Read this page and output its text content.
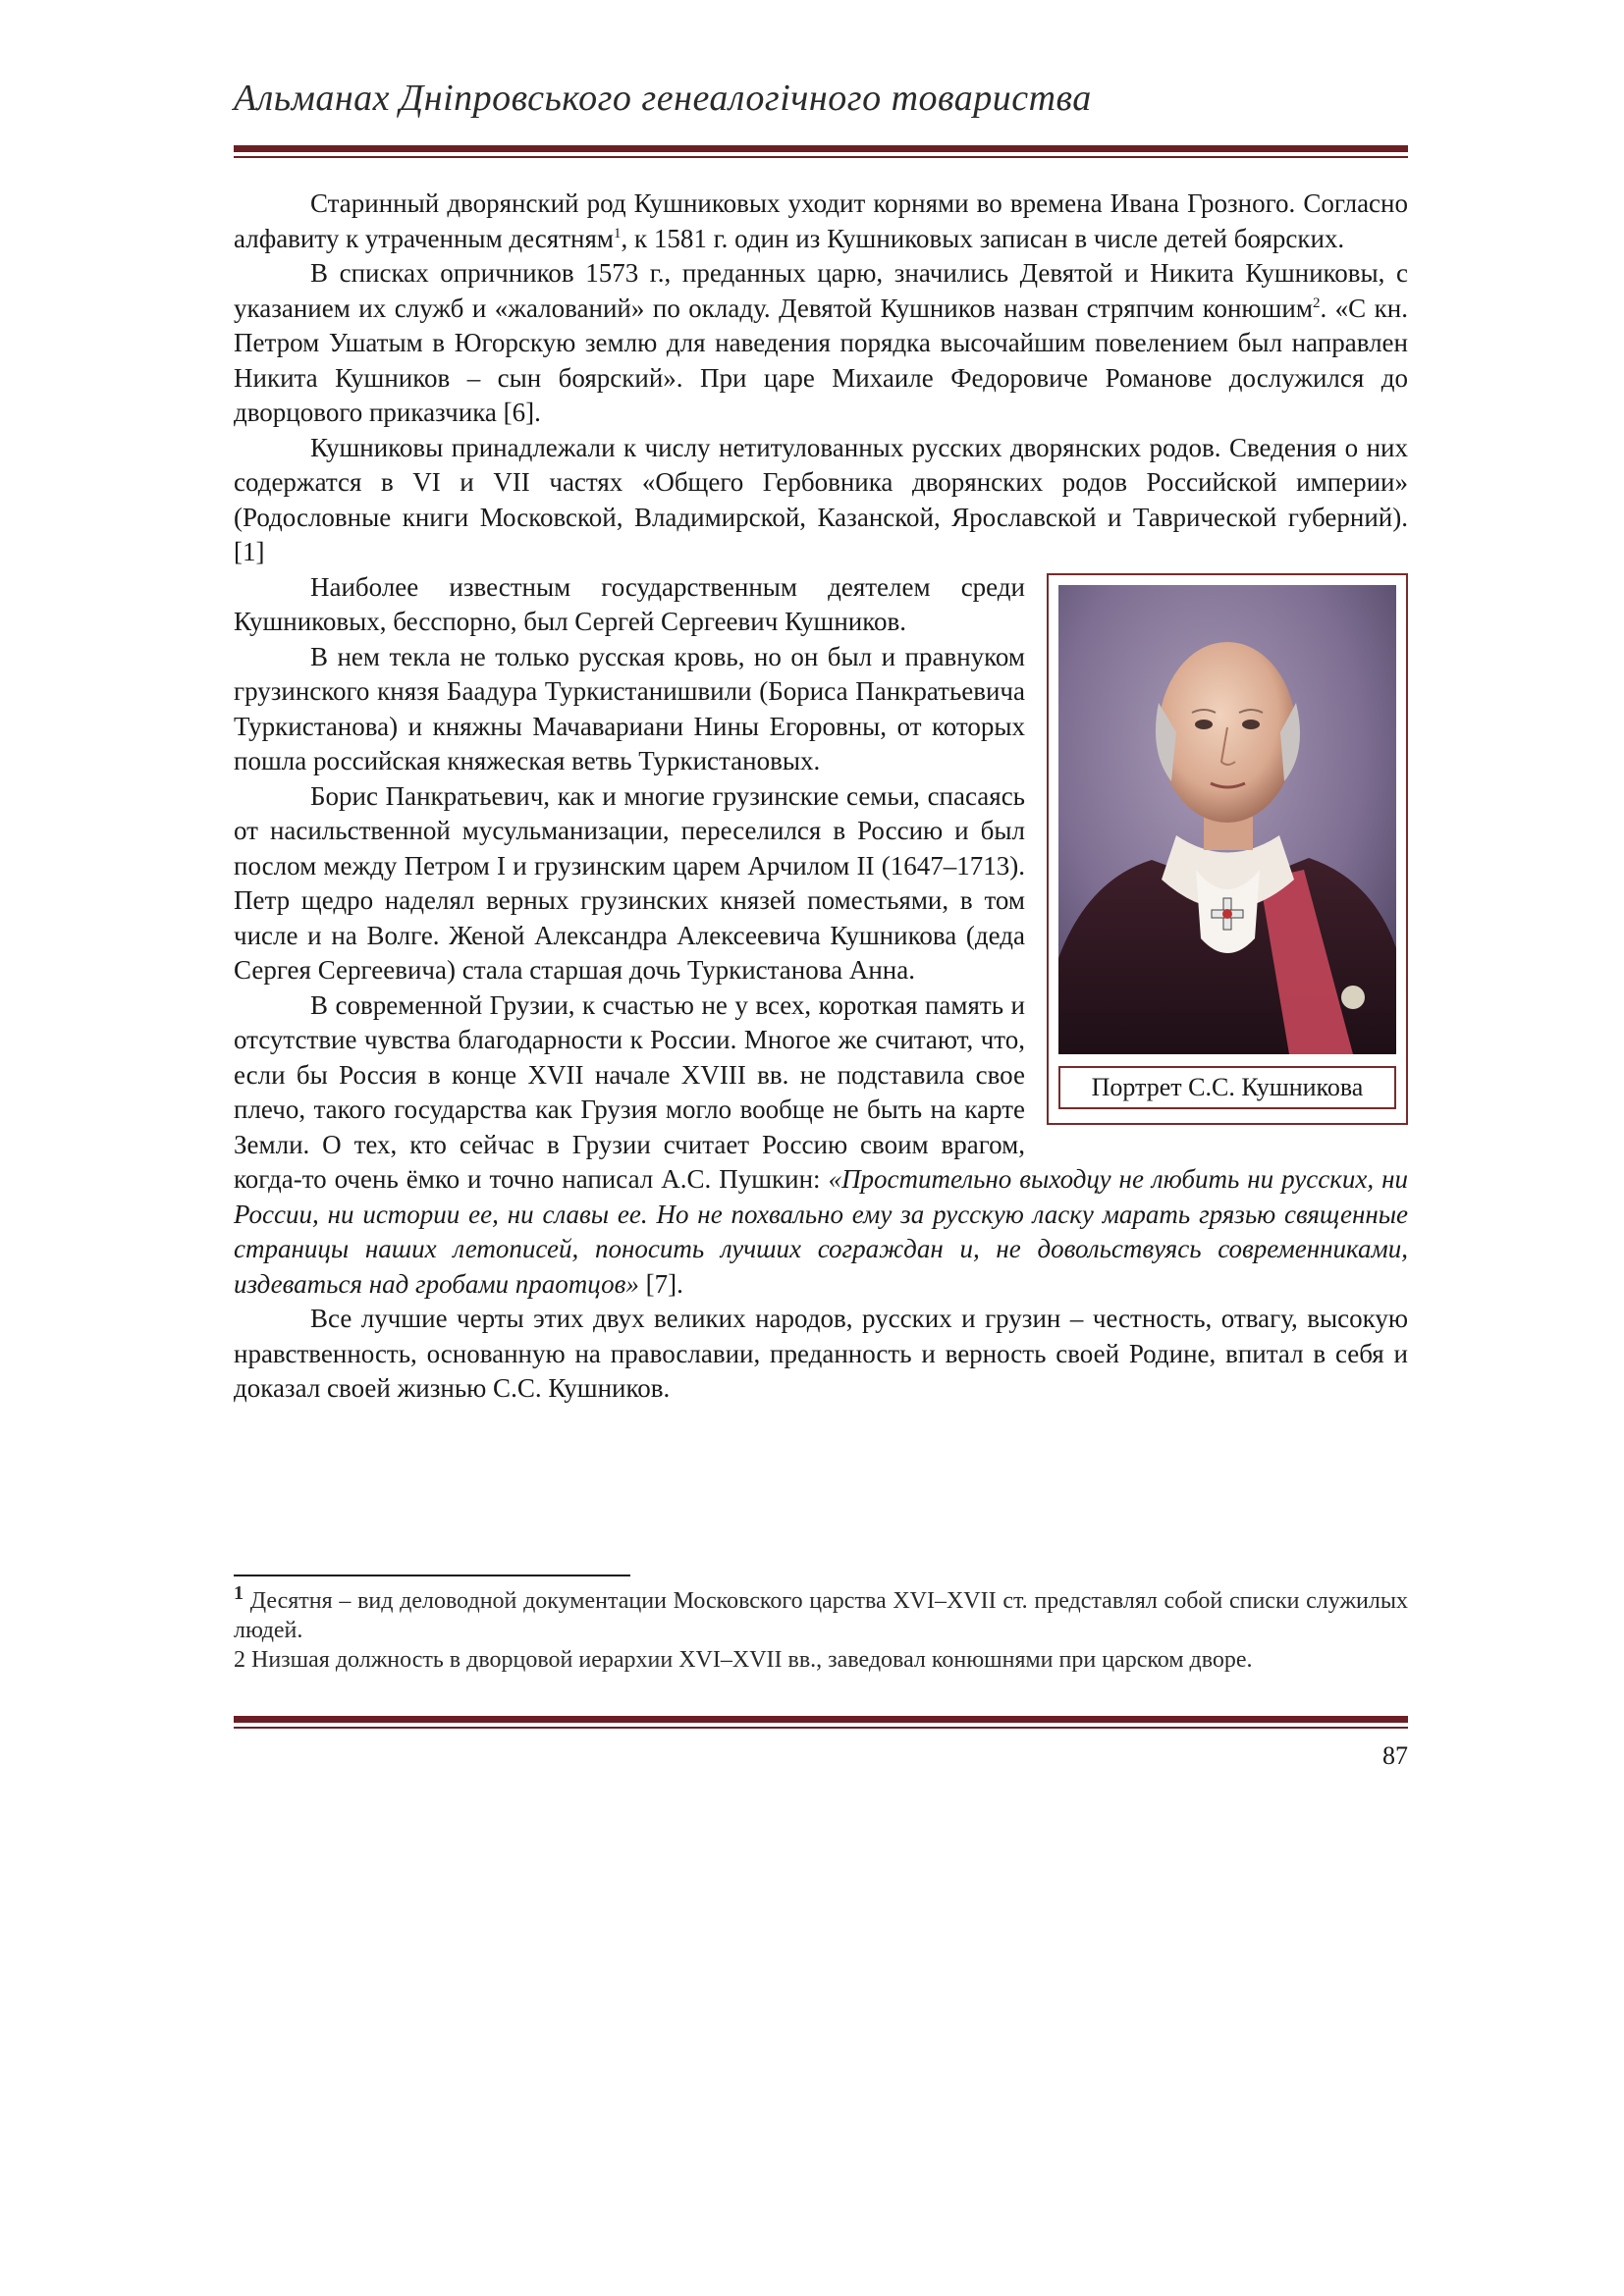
Альманах Дніпровського генеалогічного товариства

Старинный дворянский род Кушниковых уходит корнями во времена Ивана Грозного. Согласно алфавиту к утраченным десятням$^1$, к 1581 г. один из Кушниковых записан в числе детей боярских.

В списках опричников 1573 г., преданных царю, значились Девятой и Никита Кушниковы, с указанием их служб и «жалований» по окладу. Девятой Кушников назван стряпчим конюшим$^2$. «С кн. Петром Ушатым в Югорскую землю для наведения порядка высочайшим повелением был направлен Никита Кушников – сын боярский». При царе Михаиле Федоровиче Романове дослужился до дворцового приказчика [6].

Кушниковы принадлежали к числу нетитулованных русских дворянских родов. Сведения о них содержатся в VI и VII частях «Общего Гербовника дворянских родов Российской империи» (Родословные книги Московской, Владимирской, Казанской, Ярославской и Таврической губерний). [1]

Портрет С.С. Кушникова

Наиболее известным государственным деятелем среди Кушниковых, бесспорно, был Сергей Сергеевич Кушников.

В нем текла не только русская кровь, но он был и правнуком грузинского князя Баадура Туркистанишвили (Бориса Панкратьевича Туркистанова) и княжны Мачавариани Нины Егоровны, от которых пошла российская княжеская ветвь Туркистановых.

Борис Панкратьевич, как и многие грузинские семьи, спасаясь от насильственной мусульманизации, переселился в Россию и был послом между Петром I и грузинским царем Арчилом II (1647–1713). Петр щедро наделял верных грузинских князей поместьями, в том числе и на Волге. Женой Александра Алексеевича Кушникова (деда Сергея Сергеевича) стала старшая дочь Туркистанова Анна.

В современной Грузии, к счастью не у всех, короткая память и отсутствие чувства благодарности к России. Многое же считают, что, если бы Россия в конце XVII начале XVIII вв. не подставила свое плечо, такого государства как Грузия могло вообще не быть на карте Земли. О тех, кто сейчас в Грузии считает Россию своим врагом, когда-то очень ёмко и точно написал А.С. Пушкин: «Простительно выходцу не любить ни русских, ни России, ни истории ее, ни славы ее. Но не похвально ему за русскую ласку марать грязью священные страницы наших летописей, поносить лучших сограждан и, не довольствуясь современниками, издеваться над гробами праотцов» [7].

Все лучшие черты этих двух великих народов, русских и грузин – честность, отвагу, высокую нравственность, основанную на православии, преданность и верность своей Родине, впитал в себя и доказал своей жизнью С.С. Кушников.

$^1$ Десятня – вид деловодной документации Московского царства XVI–XVII ст. представлял собой списки служилых людей.

2 Низшая должность в дворцовой иерархии XVI–XVII вв., заведовал конюшнями при царском дворе.

87
